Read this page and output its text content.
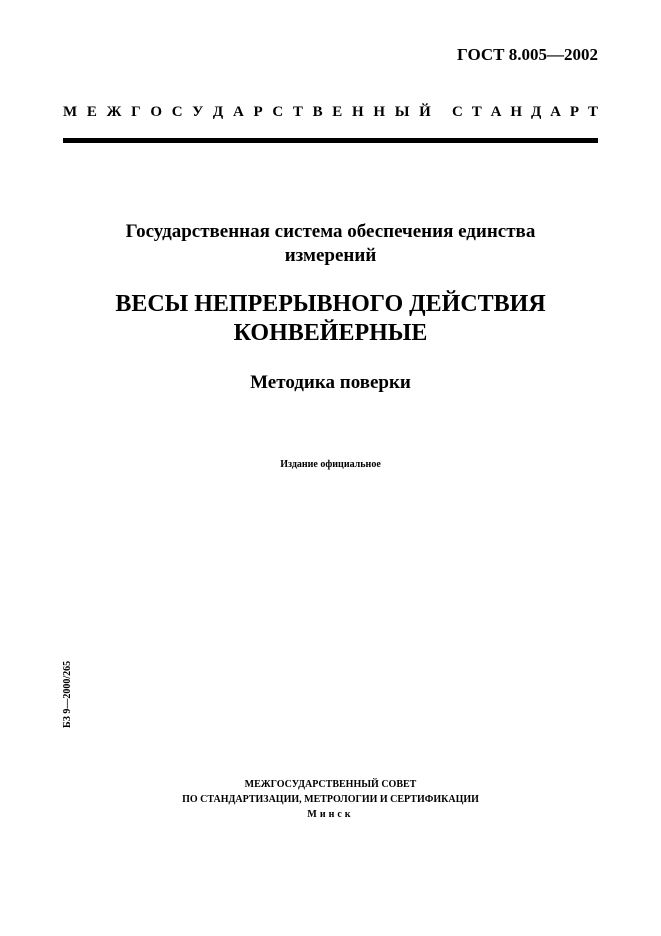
ГОСТ 8.005—2002
М Е Ж Г О С У Д А Р С Т В Е Н Н Ы Й С Т А Н Д А Р Т
Государственная система обеспечения единства
измерений
ВЕСЫ НЕПРЕРЫВНОГО ДЕЙСТВИЯ
КОНВЕЙЕРНЫЕ
Методика поверки
Издание официальное
БЗ 9—2000/265
МЕЖГОСУДАРСТВЕННЫЙ СОВЕТ
ПО СТАНДАРТИЗАЦИИ, МЕТРОЛОГИИ И СЕРТИФИКАЦИИ
Минск
